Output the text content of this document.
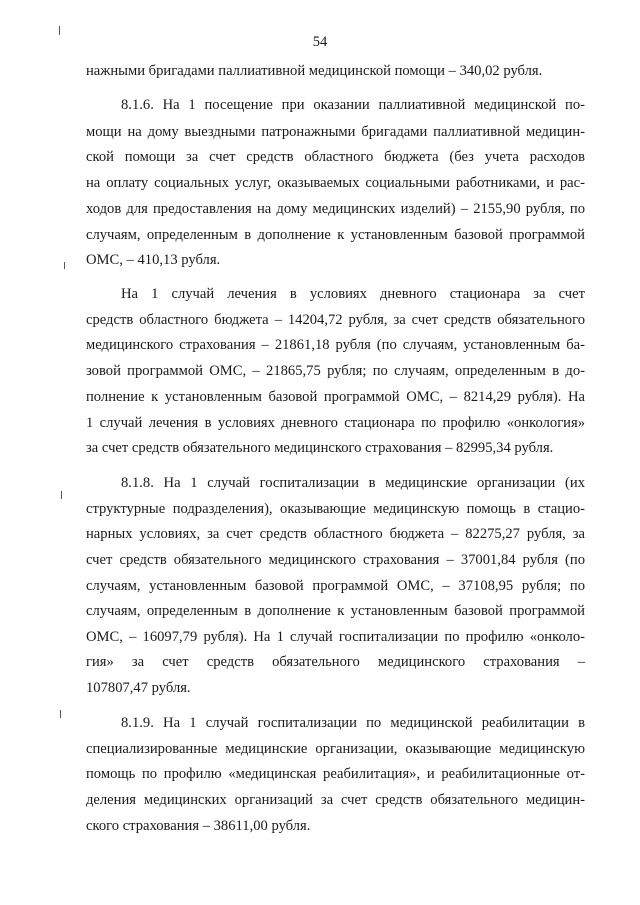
54
нажными бригадами паллиативной медицинской помощи – 340,02 рубля.
8.1.6. На 1 посещение при оказании паллиативной медицинской по-
мощи на дому выездными патронажными бригадами паллиативной медицин-
ской помощи за счет средств областного бюджета (без учета расходов
на оплату социальных услуг, оказываемых социальными работниками, и рас-
ходов для предоставления на дому медицинских изделий) – 2155,90 рубля, по
случаям, определенным в дополнение к установленным базовой программой
ОМС, – 410,13 рубля.
На 1 случай лечения в условиях дневного стационара за счет
средств областного бюджета – 14204,72 рубля, за счет средств обязательного
медицинского страхования – 21861,18 рубля (по случаям, установленным ба-
зовой программой ОМС, – 21865,75 рубля; по случаям, определенным в до-
полнение к установленным базовой программой ОМС, – 8214,29 рубля). На
1 случай лечения в условиях дневного стационара по профилю «онкология»
за счет средств обязательного медицинского страхования – 82995,34 рубля.
8.1.8. На 1 случай госпитализации в медицинские организации (их
структурные подразделения), оказывающие медицинскую помощь в стацио-
нарных условиях, за счет средств областного бюджета – 82275,27 рубля, за
счет средств обязательного медицинского страхования – 37001,84 рубля (по
случаям, установленным базовой программой ОМС, – 37108,95 рубля; по
случаям, определенным в дополнение к установленным базовой программой
ОМС, – 16097,79 рубля). На 1 случай госпитализации по профилю «онколо-
гия» за счет средств обязательного медицинского страхования –
107807,47 рубля.
8.1.9. На 1 случай госпитализации по медицинской реабилитации в
специализированные медицинские организации, оказывающие медицинскую
помощь по профилю «медицинская реабилитация», и реабилитационные от-
деления медицинских организаций за счет средств обязательного медицин-
ского страхования – 38611,00 рубля.
